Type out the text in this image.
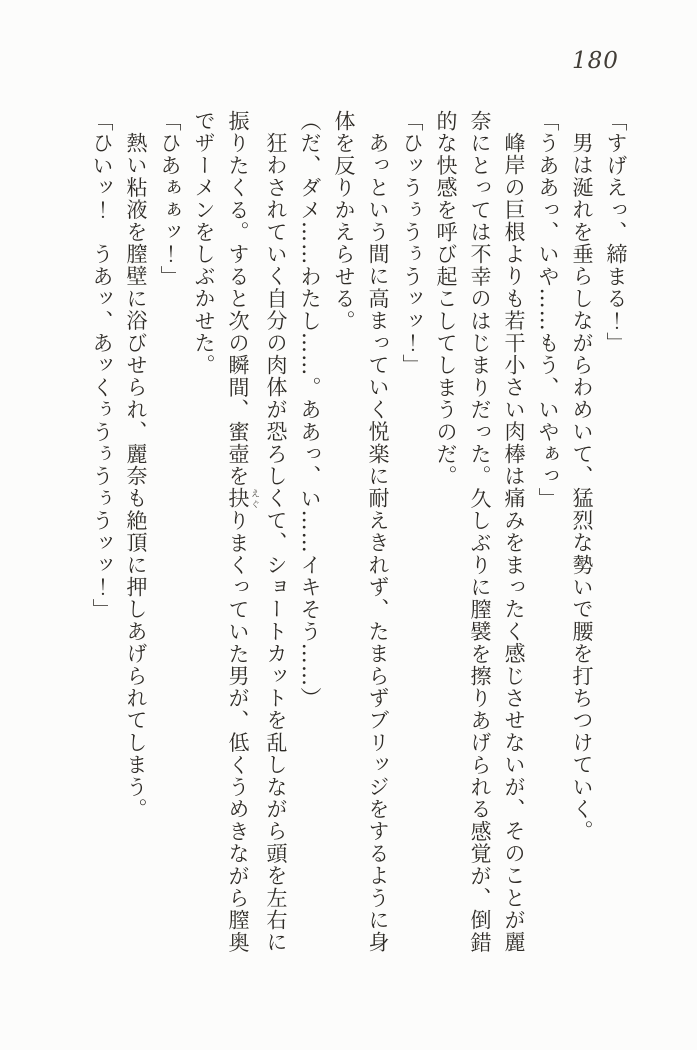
180

「すげえっ、締まる！」

男は涎れを垂らしながらわめいて、猛烈な勢いで腰を打ちつけていく。

「うああっ、いや……もう、いやぁっ」

峰岸の巨根よりも若干小さい肉棒は痛みをまったく感じさせないが、そのことが麗

奈にとっては不幸のはじまりだった。久しぶりに膣襞を擦りあげられる感覚が、倒錯

的な快感を呼び起こしてしまうのだ。

「ひッうぅうぅうッッ！」

あっという間に高まっていく悦楽に耐えきれず、たまらずブリッジをするように身

体を反りかえらせる。

（だ、ダメ……わたし……。ああっ、い……イキそう……）

狂わされていく自分の肉体が恐ろしくて、ショートカットを乱しながら頭を左右に

振りたくる。すると次の瞬間、蜜壺を抉 えぐりまくっていた男が、低くうめきながら膣奥

でザーメンをしぶかせた。

「ひあぁぁッ！」

熱い粘液を膣壁に浴びせられ、麗奈も絶頂に押しあげられてしまう。

「ひいッ！　うあッ、あッくぅうぅうぅうッッ！」
